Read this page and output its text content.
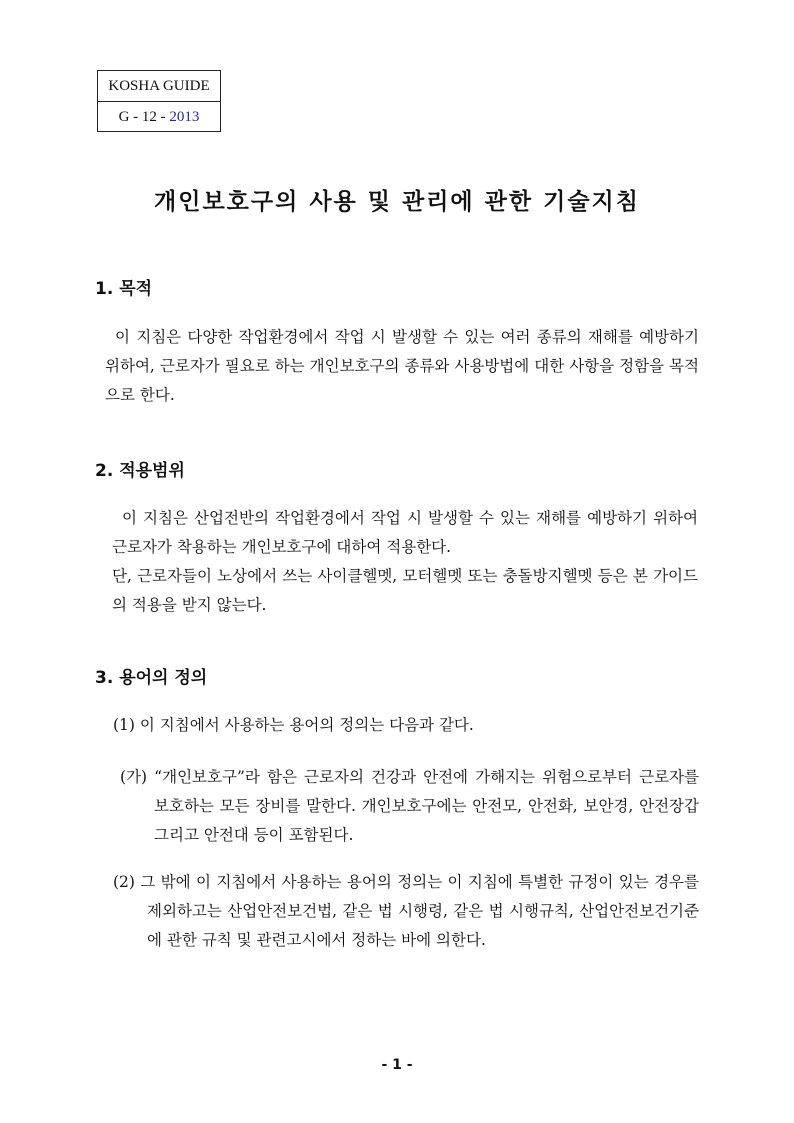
KOSHA GUIDE
G - 12 - 2013
개인보호구의 사용 및 관리에 관한 기술지침
1. 목적
이 지침은 다양한 작업환경에서 작업 시 발생할 수 있는 여러 종류의 재해를 예방하기 위하여, 근로자가 필요로 하는 개인보호구의 종류와 사용방법에 대한 사항을 정함을 목적으로 한다.
2. 적용범위
이 지침은 산업전반의 작업환경에서 작업 시 발생할 수 있는 재해를 예방하기 위하여 근로자가 착용하는 개인보호구에 대하여 적용한다.
단, 근로자들이 노상에서 쓰는 사이클헬멧, 모터헬멧 또는 충돌방지헬멧 등은 본 가이드의 적용을 받지 않는다.
3. 용어의 정의
(1) 이 지침에서 사용하는 용어의 정의는 다음과 같다.
(가) “개인보호구”라 함은 근로자의 건강과 안전에 가해지는 위험으로부터 근로자를 보호하는 모든 장비를 말한다. 개인보호구에는 안전모, 안전화, 보안경, 안전장갑 그리고 안전대 등이 포함된다.
(2) 그 밖에 이 지침에서 사용하는 용어의 정의는 이 지침에 특별한 규정이 있는 경우를 제외하고는 산업안전보건법, 같은 법 시행령, 같은 법 시행규칙, 산업안전보건기준에 관한 규칙 및 관련고시에서 정하는 바에 의한다.
- 1 -
